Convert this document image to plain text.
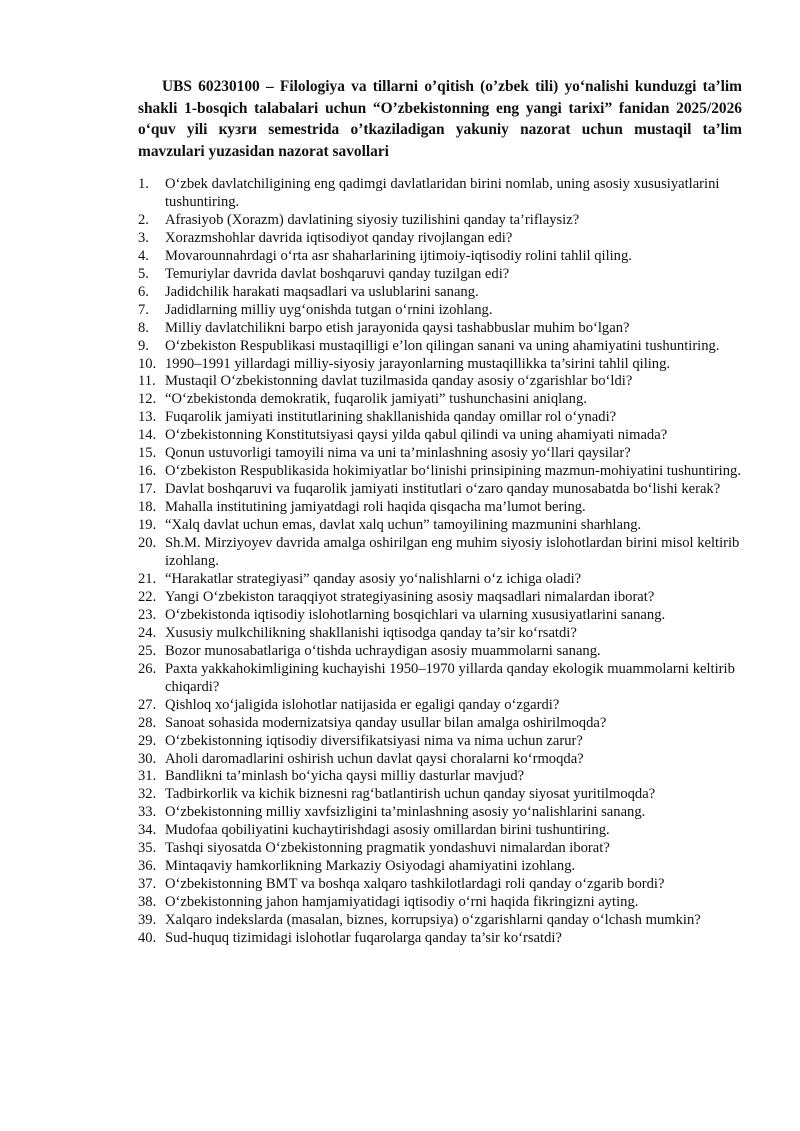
UBS 60230100 – Filologiya va tillarni o’qitish (o’zbek tili) yo‘nalishi kunduzgi ta’lim shakli 1-bosqich talabalari uchun “O’zbekistonning eng yangi tarixi” fanidan 2025/2026 o‘quv yili кузги semestrida o’tkaziladigan yakuniy nazorat uchun mustaqil ta’lim mavzulari yuzasidan nazorat savollari
1. O‘zbek davlatchiligining eng qadimgi davlatlaridan birini nomlab, uning asosiy xususiyatlarini tushuntiring.
2. Afrasiyob (Xorazm) davlatining siyosiy tuzilishini qanday ta’riflaysiz?
3. Xorazmshohlar davrida iqtisodiyot qanday rivojlangan edi?
4. Movarounnahrdagi o‘rta asr shaharlarining ijtimoiy-iqtisodiy rolini tahlil qiling.
5. Temuriylar davrida davlat boshqaruvi qanday tuzilgan edi?
6. Jadidchilik harakati maqsadlari va uslublarini sanang.
7. Jadidlarning milliy uyg‘onishda tutgan o‘rnini izohlang.
8. Milliy davlatchilikni barpo etish jarayonida qaysi tashabbuslar muhim bo‘lgan?
9. O‘zbekiston Respublikasi mustaqilligi e’lon qilingan sanani va uning ahamiyatini tushuntiring.
10. 1990–1991 yillardagi milliy-siyosiy jarayonlarning mustaqillikka ta’sirini tahlil qiling.
11. Mustaqil O‘zbekistonning davlat tuzilmasida qanday asosiy o‘zgarishlar bo‘ldi?
12. “O‘zbekistonda demokratik, fuqarolik jamiyati” tushunchasini aniqlang.
13. Fuqarolik jamiyati institutlarining shakllanishida qanday omillar rol o‘ynadi?
14. O‘zbekistonning Konstitutsiyasi qaysi yilda qabul qilindi va uning ahamiyati nimada?
15. Qonun ustuvorligi tamoyili nima va uni ta’minlashning asosiy yo‘llari qaysilar?
16. O‘zbekiston Respublikasida hokimiyatlar bo‘linishi prinsipining mazmun-mohiyatini tushuntiring.
17. Davlat boshqaruvi va fuqarolik jamiyati institutlari o‘zaro qanday munosabatda bo‘lishi kerak?
18. Mahalla institutining jamiyatdagi roli haqida qisqacha ma’lumot bering.
19. “Xalq davlat uchun emas, davlat xalq uchun” tamoyilining mazmunini sharhlang.
20. Sh.M. Mirziyoyev davrida amalga oshirilgan eng muhim siyosiy islohotlardan birini misol keltirib izohlang.
21. “Harakatlar strategiyasi” qanday asosiy yo‘nalishlarni o‘z ichiga oladi?
22. Yangi O‘zbekiston taraqqiyot strategiyasining asosiy maqsadlari nimalardan iborat?
23. O‘zbekistonda iqtisodiy islohotlarning bosqichlari va ularning xususiyatlarini sanang.
24. Xususiy mulkchilikning shakllanishi iqtisodga qanday ta’sir ko‘rsatdi?
25. Bozor munosabatlariga o‘tishda uchraydigan asosiy muammolarni sanang.
26. Paxta yakkahokimligining kuchayishi 1950–1970 yillarda qanday ekologik muammolarni keltirib chiqardi?
27. Qishloq xo‘jaligida islohotlar natijasida er egaligi qanday o‘zgardi?
28. Sanoat sohasida modernizatsiya qanday usullar bilan amalga oshirilmoqda?
29. O‘zbekistonning iqtisodiy diversifikatsiyasi nima va nima uchun zarur?
30. Aholi daromadlarini oshirish uchun davlat qaysi choralarni ko‘rmoqda?
31. Bandlikni ta’minlash bo‘yicha qaysi milliy dasturlar mavjud?
32. Tadbirkorlik va kichik biznesni rag‘batlantirish uchun qanday siyosat yuritilmoqda?
33. O‘zbekistonning milliy xavfsizligini ta’minlashning asosiy yo‘nalishlarini sanang.
34. Mudofaa qobiliyatini kuchaytirishdagi asosiy omillardan birini tushuntiring.
35. Tashqi siyosatda O‘zbekistonning pragmatik yondashuvi nimalardan iborat?
36. Mintaqaviy hamkorlikning Markaziy Osiyodagi ahamiyatini izohlang.
37. O‘zbekistonning BMT va boshqa xalqaro tashkilotlardagi roli qanday o‘zgarib bordi?
38. O‘zbekistonning jahon hamjamiyatidagi iqtisodiy o‘rni haqida fikringizni ayting.
39. Xalqaro indekslarda (masalan, biznes, korrupsiya) o‘zgarishlarni qanday o‘lchash mumkin?
40. Sud-huquq tizimidagi islohotlar fuqarolarga qanday ta’sir ko‘rsatdi?
